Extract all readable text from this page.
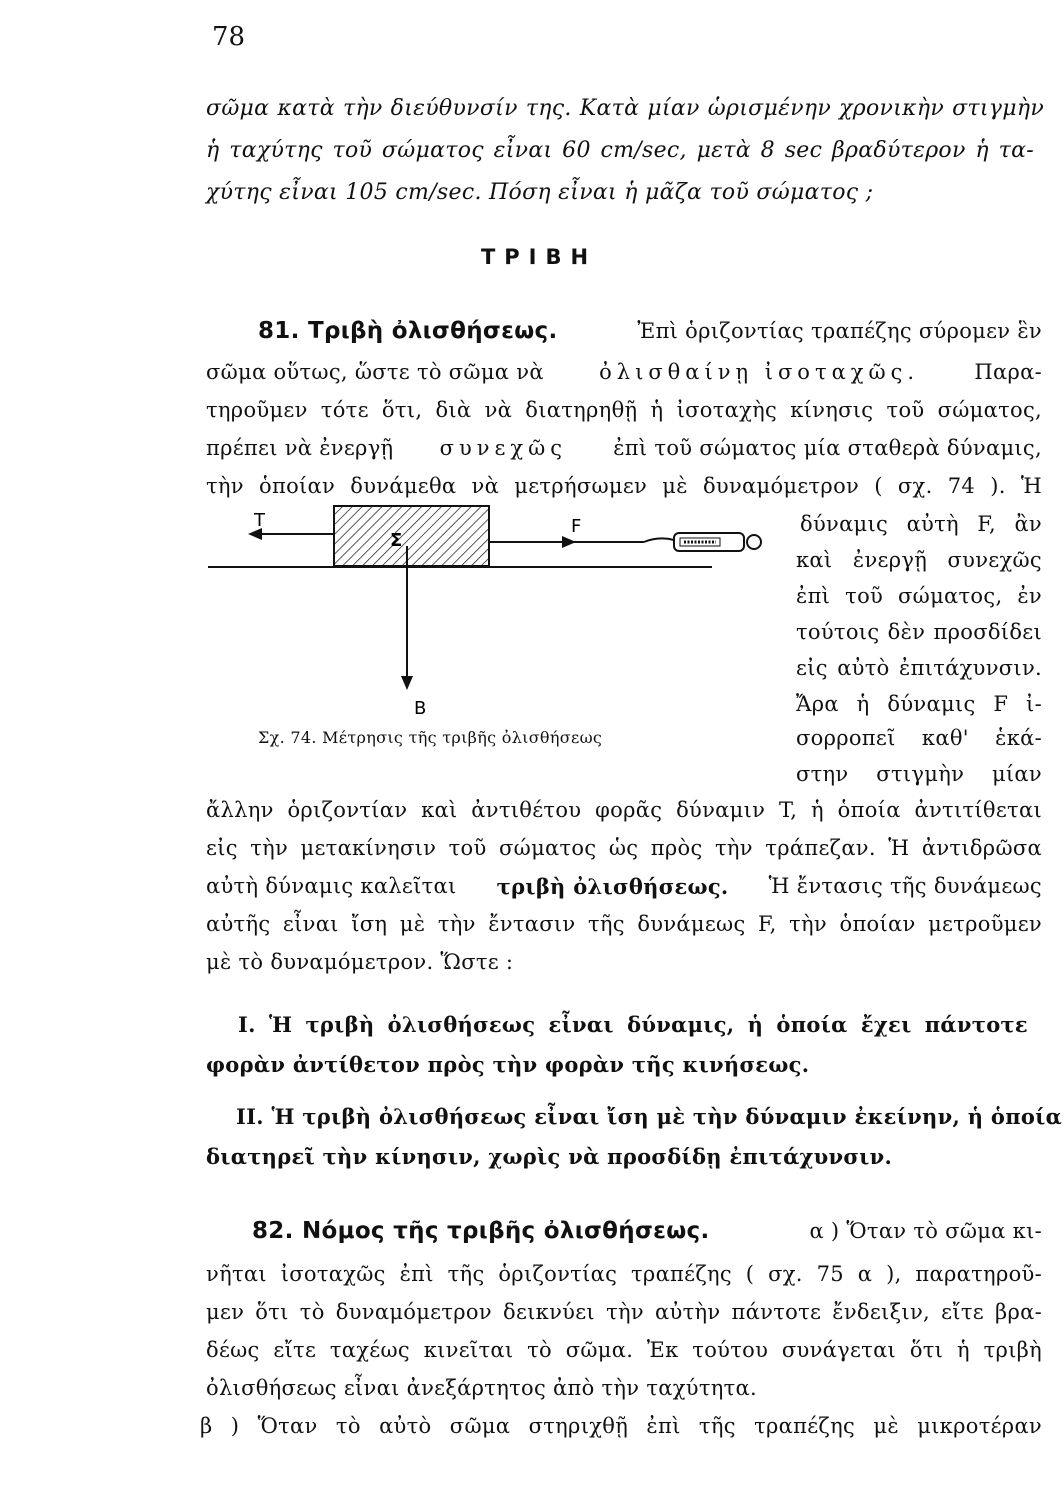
78
σῶμα κατὰ τὴν διεύθυνσίν της. Κατὰ μίαν ὡρισμένην χρονικὴν στιγμὴν
ἡ ταχύτης τοῦ σώματος εἶναι 60 cm/sec, μετὰ 8 sec βραδύτερον ἡ τα-
χύτης εἶναι 105 cm/sec. Πόση εἶναι ἡ μᾶζα τοῦ σώματος ;
ΤΡΙΒΗ
81. Τριβὴ ὀλισθήσεως.	Ἐπὶ ὁριζοντίας τραπέζης σύρομεν ἓν
σῶμα οὕτως, ὥστε τὸ σῶμα νὰ	ὀλισθαίνῃ ἰσοταχῶς.	Παρα-
τηροῦμεν τότε ὅτι, διὰ νὰ διατηρηθῇ ἡ ἰσοταχὴς κίνησις τοῦ σώματος,
πρέπει νὰ ἐνεργῇ συνεχῶς ἐπὶ τοῦ σώματος μία σταθερὰ δύναμις,
τὴν ὁποίαν δυνάμεθα νὰ μετρήσωμεν μὲ δυναμόμετρον ( σχ. 74 ). Ἡ
T	F
Σ
B
Σχ. 74. Μέτρησις τῆς τριβῆς ὀλισθήσεως
δύναμις αὐτὴ F, ἂν
καὶ ἐνεργῇ συνεχῶς
ἐπὶ τοῦ σώματος, ἐν
τούτοις δὲν προσδίδει
εἰς αὐτὸ ἐπιτάχυνσιν.
Ἄρα ἡ δύναμις F ἰ-
σορροπεῖ καθ' ἑκά-
στην στιγμὴν μίαν
ἄλλην ὁριζοντίαν καὶ ἀντιθέτου φορᾶς δύναμιν T, ἡ ὁποία ἀντιτίθεται
εἰς τὴν μετακίνησιν τοῦ σώματος ὡς πρὸς τὴν τράπεζαν. Ἡ ἀντιδρῶσα
αὐτὴ δύναμις καλεῖται τριβὴ ὀλισθήσεως. Ἡ ἔντασις τῆς δυνάμεως
αὐτῆς εἶναι ἴση μὲ τὴν ἔντασιν τῆς δυνάμεως F, τὴν ὁποίαν μετροῦμεν
μὲ τὸ δυναμόμετρον. Ὥστε :
I. Ἡ τριβὴ ὀλισθήσεως εἶναι δύναμις, ἡ ὁποία ἔχει πάντοτε
φορὰν ἀντίθετον πρὸς τὴν φορὰν τῆς κινήσεως.
II. Ἡ τριβὴ ὀλισθήσεως εἶναι ἴση μὲ τὴν δύναμιν ἐκείνην, ἡ ὁποία
διατηρεῖ τὴν κίνησιν, χωρὶς νὰ προσδίδῃ ἐπιτάχυνσιν.
82. Νόμος τῆς τριβῆς ὀλισθήσεως.	α ) Ὅταν τὸ σῶμα κι-
νῆται ἰσοταχῶς ἐπὶ τῆς ὁριζοντίας τραπέζης ( σχ. 75 α ), παρατηροῦ-
μεν ὅτι τὸ δυναμόμετρον δεικνύει τὴν αὐτὴν πάντοτε ἔνδειξιν, εἴτε βρα-
δέως εἴτε ταχέως κινεῖται τὸ σῶμα. Ἐκ τούτου συνάγεται ὅτι ἡ τριβὴ
ὀλισθήσεως εἶναι ἀνεξάρτητος ἀπὸ τὴν ταχύτητα.
β ) Ὅταν τὸ αὐτὸ σῶμα στηριχθῇ ἐπὶ τῆς τραπέζης μὲ μικροτέραν
